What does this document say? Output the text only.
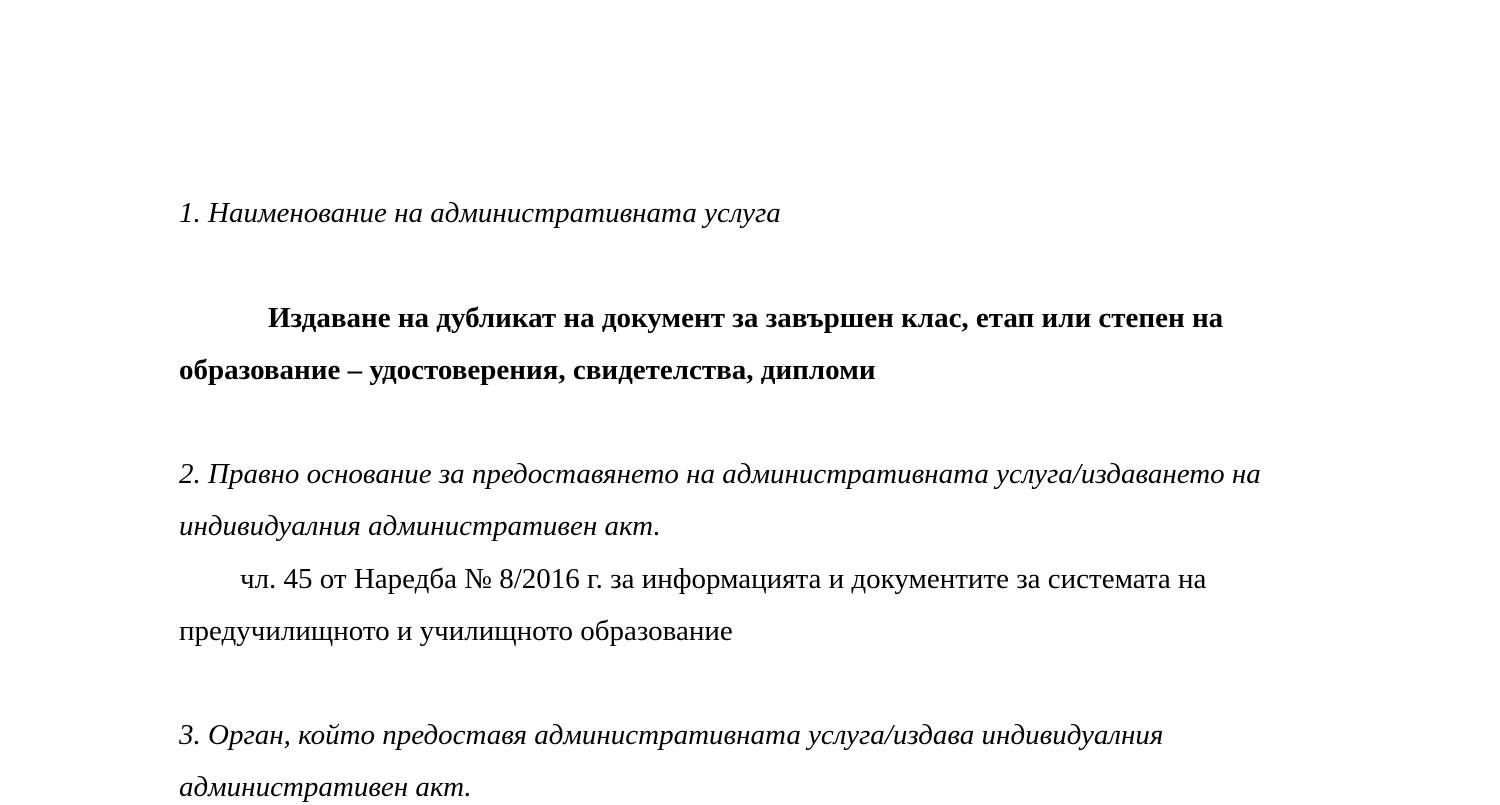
1. Наименование на административната услуга

Издаване на дубликат на документ за завършен клас, етап или степен на

образование – удостоверения, свидетелства, дипломи

2. Правно основание за предоставянето на административната услуга/издаването на

индивидуалния административен акт.

чл. 45 от Наредба № 8/2016 г. за информацията и документите за системата на

предучилищното и училищното образование

3. Орган, който предоставя административната услуга/издава индивидуалния

административен акт.
